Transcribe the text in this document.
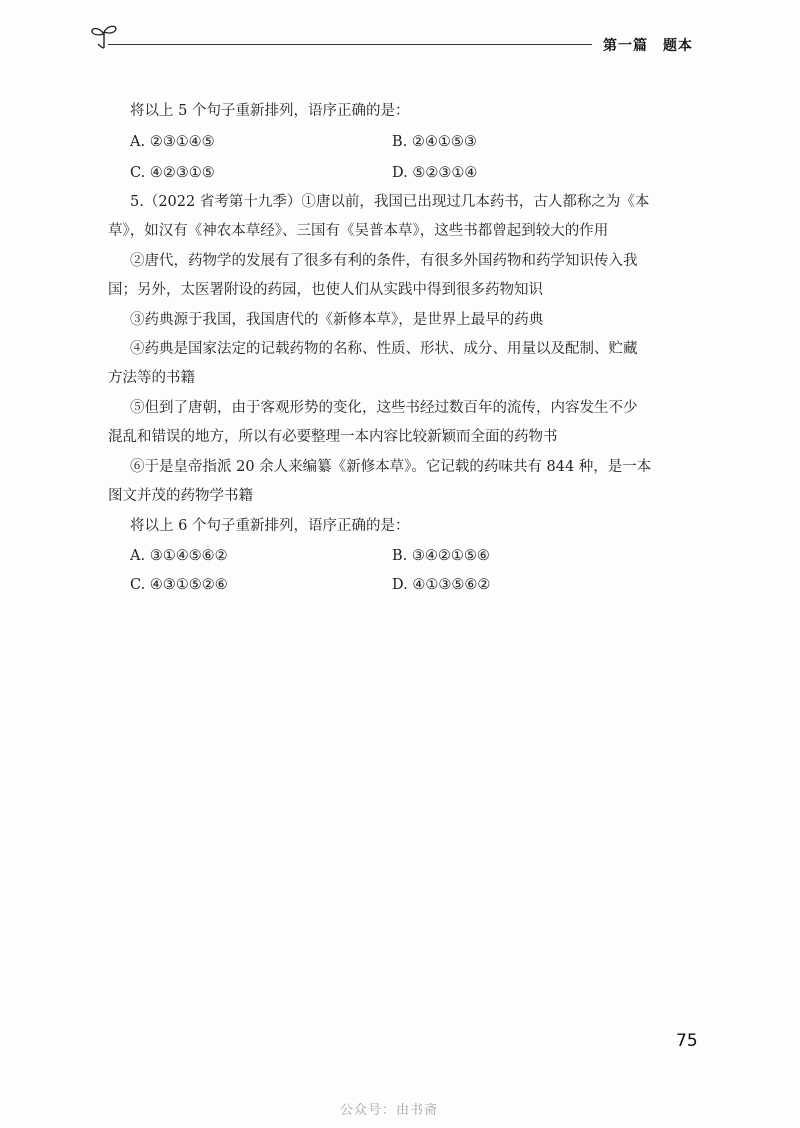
第一篇　题本
将以上 5 个句子重新排列，语序正确的是：
A. ②③①④⑤	B. ②④①⑤③
C. ④②③①⑤	D. ⑤②③①④
5.（2022 省考第十九季）①唐以前，我国已出现过几本药书，古人都称之为《本
草》，如汉有《神农本草经》、三国有《吴普本草》，这些书都曾起到较大的作用
②唐代，药物学的发展有了很多有利的条件，有很多外国药物和药学知识传入我
国；另外，太医署附设的药园，也使人们从实践中得到很多药物知识
③药典源于我国，我国唐代的《新修本草》，是世界上最早的药典
④药典是国家法定的记载药物的名称、性质、形状、成分、用量以及配制、贮藏
方法等的书籍
⑤但到了唐朝，由于客观形势的变化，这些书经过数百年的流传，内容发生不少
混乱和错误的地方，所以有必要整理一本内容比较新颖而全面的药物书
⑥于是皇帝指派 20 余人来编纂《新修本草》。它记载的药味共有 844 种，是一本
图文并茂的药物学书籍
将以上 6 个句子重新排列，语序正确的是：
A. ③①④⑤⑥②	B. ③④②①⑤⑥
C. ④③①⑤②⑥	D. ④①③⑤⑥②
75
公众号：由书斋
